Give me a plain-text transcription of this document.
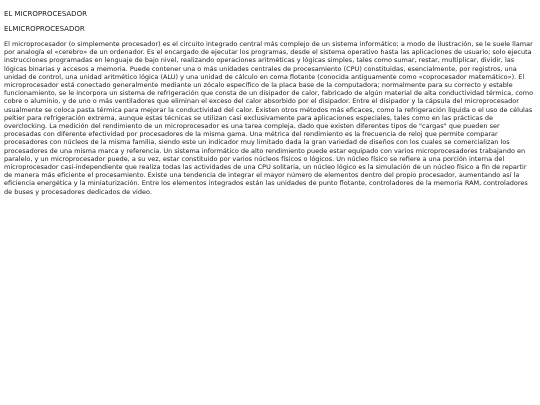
EL MICROPROCESADOR
ELMICROPROCESADOR

El microprocesador (o simplemente procesador) es el circuito integrado central más complejo de un sistema informático; a modo de ilustración, se le suele llamar por analogía el «cerebro» de un ordenador. Es el encargado de ejecutar los programas, desde el sistema operativo hasta las aplicaciones de usuario; solo ejecuta instrucciones programadas en lenguaje de bajo nivel, realizando operaciones aritméticas y lógicas simples, tales como sumar, restar, multiplicar, dividir, las lógicas binarias y accesos a memoria. Puede contener una o más unidades centrales de procesamiento (CPU) constituidas, esencialmente, por registros, una unidad de control, una unidad aritmético lógica (ALU) y una unidad de cálculo en coma flotante (conocida antiguamente como «coprocesador matemático»). El microprocesador está conectado generalmente mediante un zócalo específico de la placa base de la computadora; normalmente para su correcto y estable funcionamiento, se le incorpora un sistema de refrigeración que consta de un disipador de calor, fabricado de algún material de alta conductividad térmica, como cobre o aluminio, y de uno o más ventiladores que eliminan el exceso del calor absorbido por el disipador. Entre el disipador y la cápsula del microprocesador usualmente se coloca pasta térmica para mejorar la conductividad del calor. Existen otros métodos más eficaces, como la refrigeración líquida o el uso de células peltier para refrigeración extrema, aunque estas técnicas se utilizan casi exclusivamente para aplicaciones especiales, tales como en las prácticas de overclocking. La medición del rendimiento de un microprocesador es una tarea compleja, dado que existen diferentes tipos de "cargas" que pueden ser procesadas con diferente efectividad por procesadores de la misma gama. Una métrica del rendimiento es la frecuencia de reloj que permite comparar procesadores con núcleos de la misma familia, siendo este un indicador muy limitado dada la gran variedad de diseños con los cuales se comercializan los procesadores de una misma marca y referencia. Un sistema informático de alto rendimiento puede estar equipado con varios microprocesadores trabajando en paralelo, y un microprocesador puede, a su vez, estar constituido por varios núcleos físicos o lógicos. Un núcleo físico se refiere a una porción interna del microprocesador casi-independiente que realiza todas las actividades de una CPU solitaria, un núcleo lógico es la simulación de un núcleo físico a fin de repartir de manera más eficiente el procesamiento. Existe una tendencia de integrar el mayor número de elementos dentro del propio procesador, aumentando así la eficiencia energética y la miniaturización. Entre los elementos integrados están las unidades de punto flotante, controladores de la memoria RAM, controladores de buses y procesadores dedicados de video.
